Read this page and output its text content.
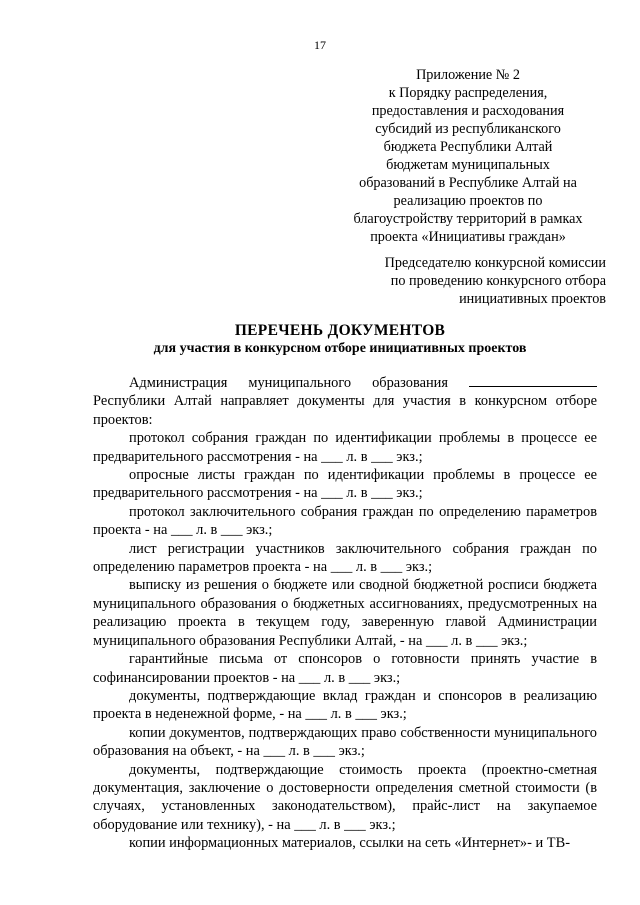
17
Приложение № 2
к Порядку распределения,
предоставления и расходования
субсидий из республиканского
бюджета Республики Алтай
бюджетам муниципальных
образований в Республике Алтай на
реализацию проектов по
благоустройству территорий в рамках
проекта «Инициативы граждан»
Председателю конкурсной комиссии
по проведению конкурсного отбора
инициативных проектов
ПЕРЕЧЕНЬ ДОКУМЕНТОВ
для участия в конкурсном отборе инициативных проектов

Администрация муниципального образования  Республики Алтай направляет документы для участия в конкурсном отборе проектов:

протокол собрания граждан по идентификации проблемы в процессе ее предварительного рассмотрения - на ___ л. в ___ экз.;

опросные листы граждан по идентификации проблемы в процессе ее предварительного рассмотрения - на ___ л. в ___ экз.;

протокол заключительного собрания граждан по определению параметров проекта - на ___ л. в ___ экз.;

лист регистрации участников заключительного собрания граждан по определению параметров проекта - на ___ л. в ___ экз.;

выписку из решения о бюджете или сводной бюджетной росписи бюджета муниципального образования о бюджетных ассигнованиях, предусмотренных на реализацию проекта в текущем году, заверенную главой Администрации муниципального образования Республики Алтай, - на ___ л. в ___ экз.;

гарантийные письма от спонсоров о готовности принять участие в софинансировании проектов - на ___ л. в ___ экз.;

документы, подтверждающие вклад граждан и спонсоров в реализацию проекта в неденежной форме, - на ___ л. в ___ экз.;

копии документов, подтверждающих право собственности муниципального образования на объект, - на ___ л. в ___ экз.;

документы, подтверждающие стоимость проекта (проектно-сметная документация, заключение о достоверности определения сметной стоимости (в случаях, установленных законодательством), прайс-лист на закупаемое оборудование или технику), - на ___ л. в ___ экз.;

копии информационных материалов, ссылки на сеть «Интернет»- и ТВ-
